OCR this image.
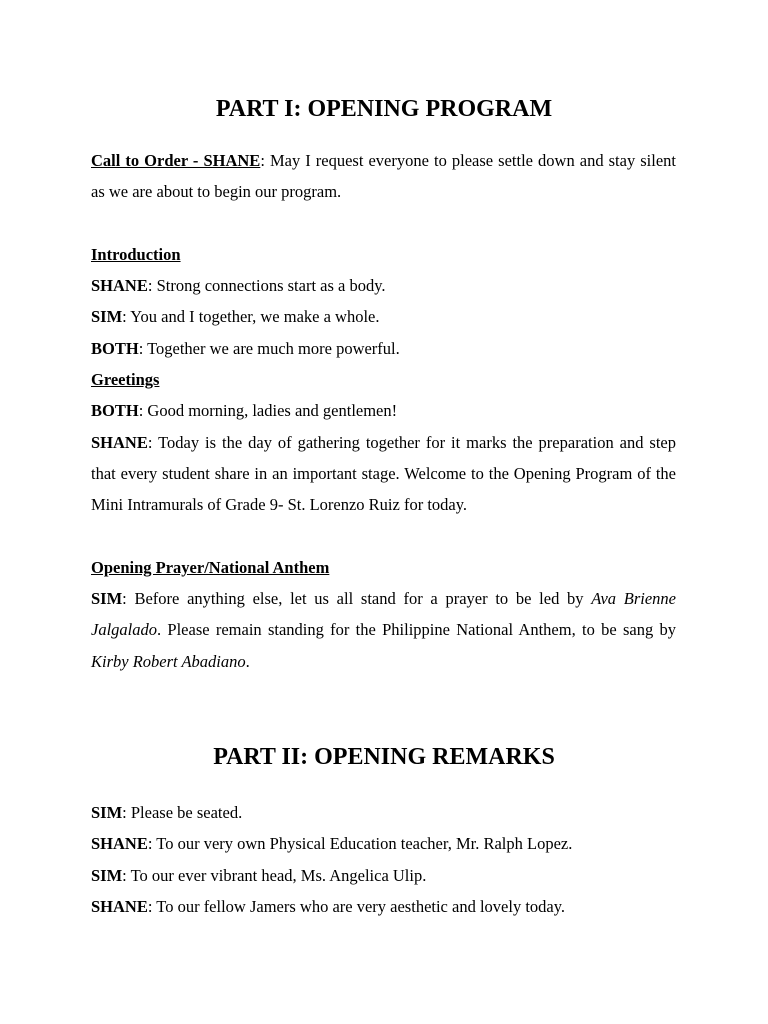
PART I: OPENING PROGRAM

Call to Order - SHANE: May I request everyone to please settle down and stay silent as we are about to begin our program.

Introduction

SHANE: Strong connections start as a body.

SIM: You and I together, we make a whole.

BOTH: Together we are much more powerful.

Greetings

BOTH: Good morning, ladies and gentlemen!

SHANE: Today is the day of gathering together for it marks the preparation and step that every student share in an important stage. Welcome to the Opening Program of the Mini Intramurals of Grade 9- St. Lorenzo Ruiz for today.

Opening Prayer/National Anthem

SIM: Before anything else, let us all stand for a prayer to be led by Ava Brienne Jalgalado. Please remain standing for the Philippine National Anthem, to be sang by Kirby Robert Abadiano.

PART II: OPENING REMARKS

SIM: Please be seated.

SHANE: To our very own Physical Education teacher, Mr. Ralph Lopez.

SIM: To our ever vibrant head, Ms. Angelica Ulip.

SHANE: To our fellow Jamers who are very aesthetic and lovely today.
